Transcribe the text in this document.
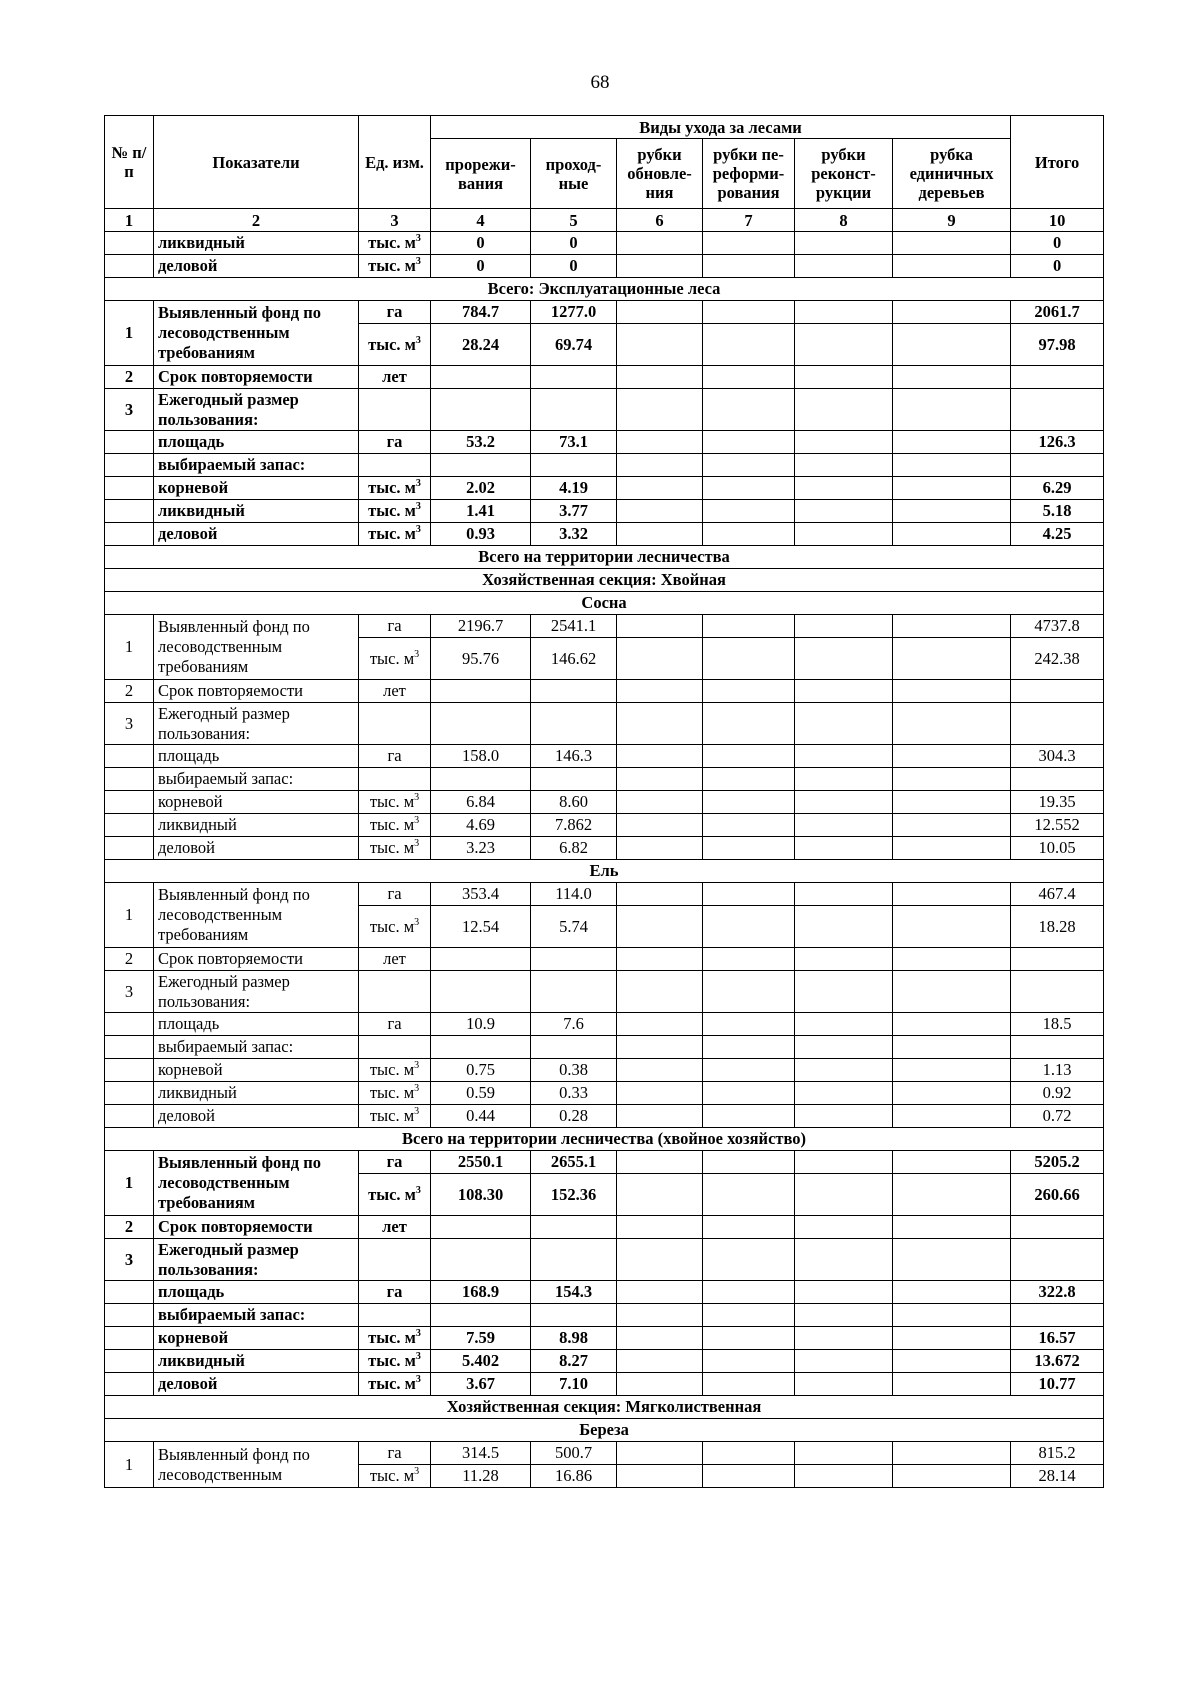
68
№ п/п	Показатели	Ед. изм.	Виды ухода за лесами						Итого
			прорежи-вания	проход-ные	рубки обновле-ния	рубки пе-реформи-рования	рубки реконст-рукции	рубка единичных деревьев	
1	2	3	4	5	6	7	8	9	10
	ликвидный	тыс. $м^3$	0	0					0
	деловой	тыс. $м^3$	0	0					0
Всего: Эксплуатационные леса									
1	Выявленный фонд по лесоводственным требованиям	га	784.7	1277.0					2061.7
		тыс. $м^3$	28.24	69.74					97.98
2	Срок повторяемости	лет							
3	Ежегодный размер пользования:								
	площадь	га	53.2	73.1					126.3
	выбираемый запас:								
	корневой	тыс. $м^3$	2.02	4.19					6.29
	ликвидный	тыс. $м^3$	1.41	3.77					5.18
	деловой	тыс. $м^3$	0.93	3.32					4.25
Всего на территории лесничества									
Хозяйственная секция: Хвойная									
Сосна									
1	Выявленный фонд по лесоводственным требованиям	га	2196.7	2541.1					4737.8
		тыс. $м^3$	95.76	146.62					242.38
2	Срок повторяемости	лет							
3	Ежегодный размер пользования:								
	площадь	га	158.0	146.3					304.3
	выбираемый запас:								
	корневой	тыс. $м^3$	6.84	8.60					19.35
	ликвидный	тыс. $м^3$	4.69	7.862					12.552
	деловой	тыс. $м^3$	3.23	6.82					10.05
Ель									
1	Выявленный фонд по лесоводственным требованиям	га	353.4	114.0					467.4
		тыс. $м^3$	12.54	5.74					18.28
2	Срок повторяемости	лет							
3	Ежегодный размер пользования:								
	площадь	га	10.9	7.6					18.5
	выбираемый запас:								
	корневой	тыс. $м^3$	0.75	0.38					1.13
	ликвидный	тыс. $м^3$	0.59	0.33					0.92
	деловой	тыс. $м^3$	0.44	0.28					0.72
Всего на территории лесничества (хвойное хозяйство)									
1	Выявленный фонд по лесоводственным требованиям	га	2550.1	2655.1					5205.2
		тыс. $м^3$	108.30	152.36					260.66
2	Срок повторяемости	лет							
3	Ежегодный размер пользования:								
	площадь	га	168.9	154.3					322.8
	выбираемый запас:								
	корневой	тыс. $м^3$	7.59	8.98					16.57
	ликвидный	тыс. $м^3$	5.402	8.27					13.672
	деловой	тыс. $м^3$	3.67	7.10					10.77
Хозяйственная секция: Мягколиственная									
Береза									
1	Выявленный фонд по лесоводственным	га	314.5	500.7					815.2
		тыс. $м^3$	11.28	16.86					28.14
